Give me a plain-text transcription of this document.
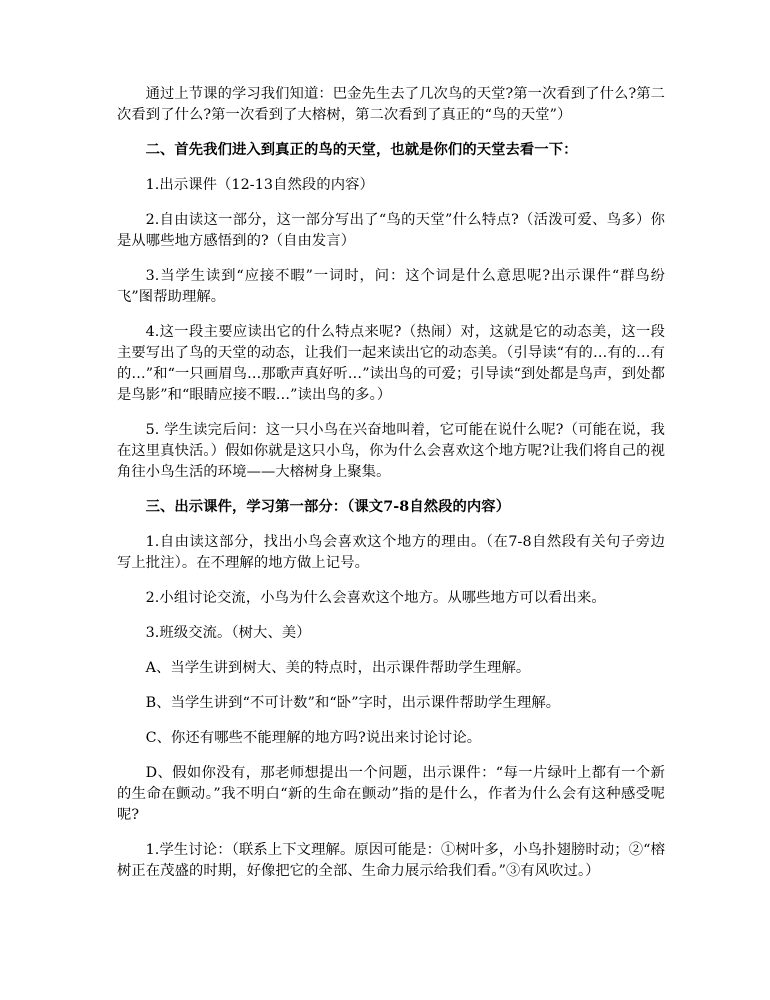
通过上节课的学习我们知道：巴金先生去了几次鸟的天堂?第一次看到了什么?第二次看到了什么?第一次看到了大榕树，第二次看到了真正的“鸟的天堂”）

二、首先我们进入到真正的鸟的天堂，也就是你们的天堂去看一下：

1.出示课件（12-13自然段的内容）

2.自由读这一部分，这一部分写出了“鸟的天堂”什么特点?（活泼可爱、鸟多）你是从哪些地方感悟到的?（自由发言）

3.当学生读到“应接不暇”一词时，问：这个词是什么意思呢?出示课件“群鸟纷飞”图帮助理解。

4.这一段主要应读出它的什么特点来呢?（热闹）对，这就是它的动态美，这一段主要写出了鸟的天堂的动态，让我们一起来读出它的动态美。（引导读“有的…有的…有的…”和“一只画眉鸟…那歌声真好听…”读出鸟的可爱；引导读“到处都是鸟声，到处都是鸟影”和“眼睛应接不暇…”读出鸟的多。）

5. 学生读完后问：这一只小鸟在兴奋地叫着，它可能在说什么呢?（可能在说，我在这里真快活。）假如你就是这只小鸟，你为什么会喜欢这个地方呢?让我们将自己的视角往小鸟生活的环境——大榕树身上聚集。

三、出示课件，学习第一部分：（课文7-8自然段的内容）

1.自由读这部分，找出小鸟会喜欢这个地方的理由。（在7-8自然段有关句子旁边写上批注）。在不理解的地方做上记号。

2.小组讨论交流，小鸟为什么会喜欢这个地方。从哪些地方可以看出来。

3.班级交流。（树大、美）

A、当学生讲到树大、美的特点时，出示课件帮助学生理解。

B、当学生讲到“不可计数”和“卧”字时，出示课件帮助学生理解。

C、你还有哪些不能理解的地方吗?说出来讨论讨论。

D、假如你没有，那老师想提出一个问题，出示课件：“每一片绿叶上都有一个新的生命在颤动。”我不明白“新的生命在颤动”指的是什么，作者为什么会有这种感受呢呢?

1.学生讨论：（联系上下文理解。原因可能是：①树叶多，小鸟扑翅膀时动；②“榕树正在茂盛的时期，好像把它的全部、生命力展示给我们看。”③有风吹过。）
